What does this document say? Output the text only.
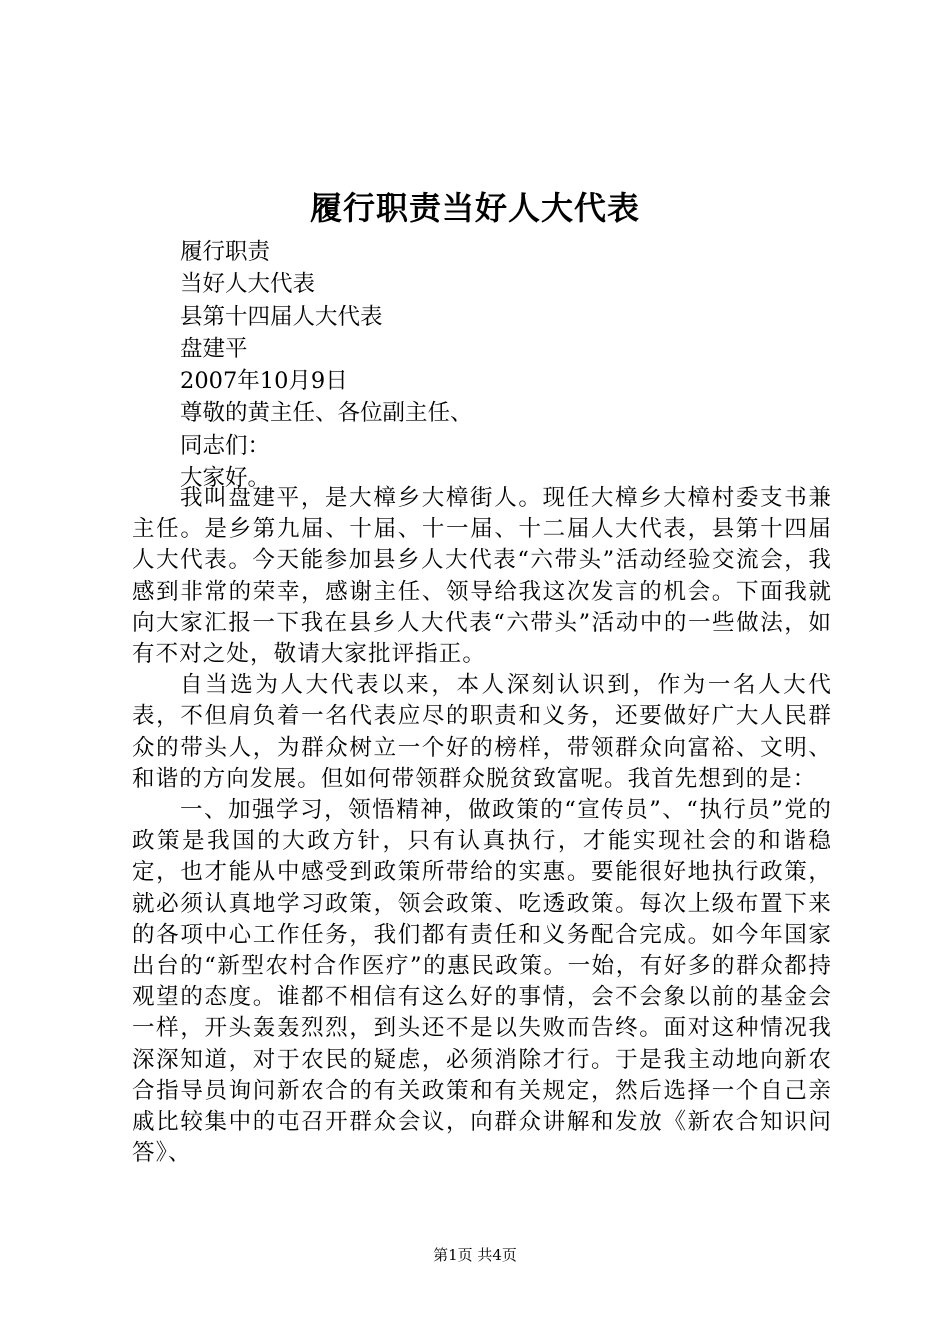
履行职责当好人大代表
履行职责
当好人大代表
县第十四届人大代表
盘建平
2007年10月9日
尊敬的黄主任、各位副主任、
同志们：
大家好。

我叫盘建平，是大樟乡大樟街人。现任大樟乡大樟村委支书兼主任。是乡第九届、十届、十一届、十二届人大代表，县第十四届人大代表。今天能参加县乡人大代表“六带头”活动经验交流会，我感到非常的荣幸，感谢主任、领导给我这次发言的机会。下面我就向大家汇报一下我在县乡人大代表“六带头”活动中的一些做法，如有不对之处，敬请大家批评指正。

自当选为人大代表以来，本人深刻认识到，作为一名人大代表，不但肩负着一名代表应尽的职责和义务，还要做好广大人民群众的带头人，为群众树立一个好的榜样，带领群众向富裕、文明、和谐的方向发展。但如何带领群众脱贫致富呢。我首先想到的是：

一、加强学习，领悟精神，做政策的“宣传员”、“执行员”党的政策是我国的大政方针，只有认真执行，才能实现社会的和谐稳定，也才能从中感受到政策所带给的实惠。要能很好地执行政策，就必须认真地学习政策，领会政策、吃透政策。每次上级布置下来的各项中心工作任务，我们都有责任和义务配合完成。如今年国家出台的“新型农村合作医疗”的惠民政策。一始，有好多的群众都持观望的态度。谁都不相信有这么好的事情，会不会象以前的基金会一样，开头轰轰烈烈，到头还不是以失败而告终。面对这种情况我深深知道，对于农民的疑虑，必须消除才行。于是我主动地向新农合指导员询问新农合的有关政策和有关规定，然后选择一个自己亲戚比较集中的屯召开群众会议，向群众讲解和发放《新农合知识问答》、

第1页 共4页
